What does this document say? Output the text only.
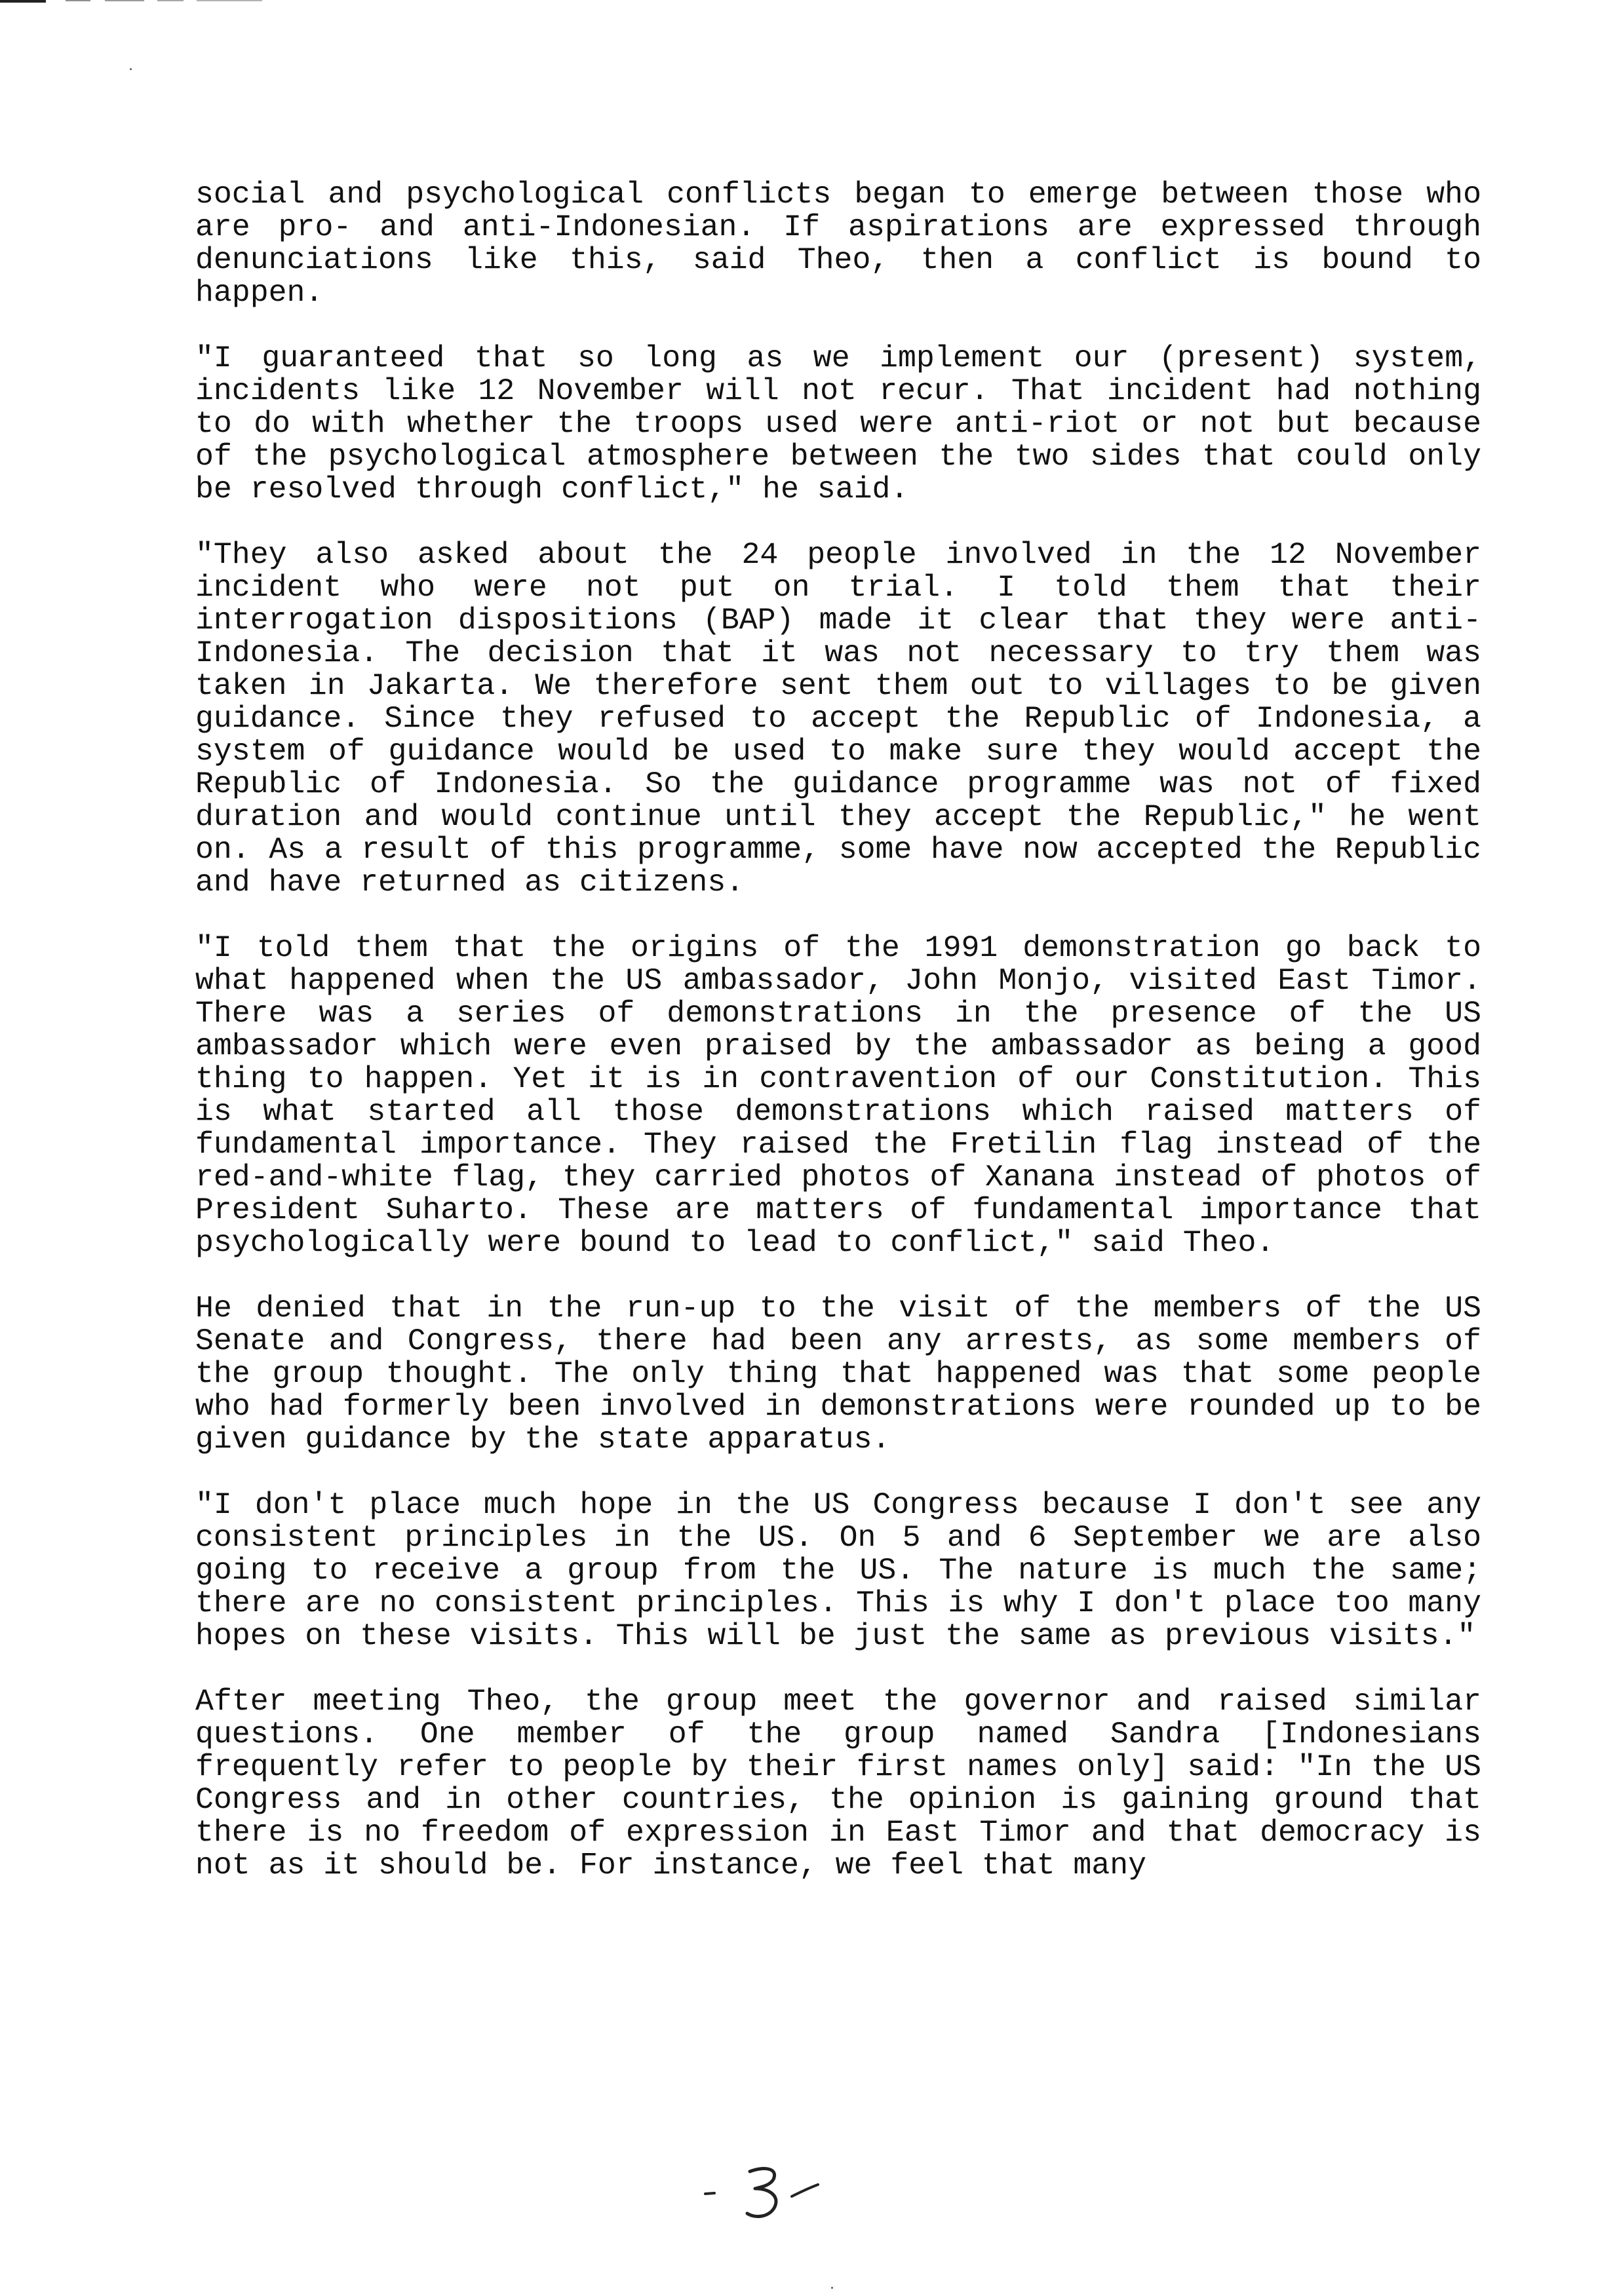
social and psychological conflicts began to emerge between those who are pro- and anti-Indonesian. If aspirations are expressed through denunciations like this, said Theo, then a conflict is bound to happen.

"I guaranteed that so long as we implement our (present) system, incidents like 12 November will not recur. That incident had nothing to do with whether the troops used were anti-riot or not but because of the psychological atmosphere between the two sides that could only be resolved through conflict," he said.

"They also asked about the 24 people involved in the 12 November incident who were not put on trial. I told them that their interrogation dispositions (BAP) made it clear that they were anti-Indonesia. The decision that it was not necessary to try them was taken in Jakarta. We therefore sent them out to villages to be given guidance. Since they refused to accept the Republic of Indonesia, a system of guidance would be used to make sure they would accept the Republic of Indonesia. So the guidance programme was not of fixed duration and would continue until they accept the Republic," he went on. As a result of this programme, some have now accepted the Republic and have returned as citizens.

"I told them that the origins of the 1991 demonstration go back to what happened when the US ambassador, John Monjo, visited East Timor. There was a series of demonstrations in the presence of the US ambassador which were even praised by the ambassador as being a good thing to happen. Yet it is in contravention of our Constitution. This is what started all those demonstrations which raised matters of fundamental importance. They raised the Fretilin flag instead of the red-and-white flag, they carried photos of Xanana instead of photos of President Suharto. These are matters of fundamental importance that psychologically were bound to lead to conflict," said Theo.

He denied that in the run-up to the visit of the members of the US Senate and Congress, there had been any arrests, as some members of the group thought. The only thing that happened was that some people who had formerly been involved in demonstrations were rounded up to be given guidance by the state apparatus.

"I don't place much hope in the US Congress because I don't see any consistent principles in the US. On 5 and 6 September we are also going to receive a group from the US. The nature is much the same; there are no consistent principles. This is why I don't place too many hopes on these visits. This will be just the same as previous visits."

After meeting Theo, the group meet the governor and raised similar questions. One member of the group named Sandra [Indonesians frequently refer to people by their first names only] said: "In the US Congress and in other countries, the opinion is gaining ground that there is no freedom of expression in East Timor and that democracy is not as it should be. For instance, we feel that many
